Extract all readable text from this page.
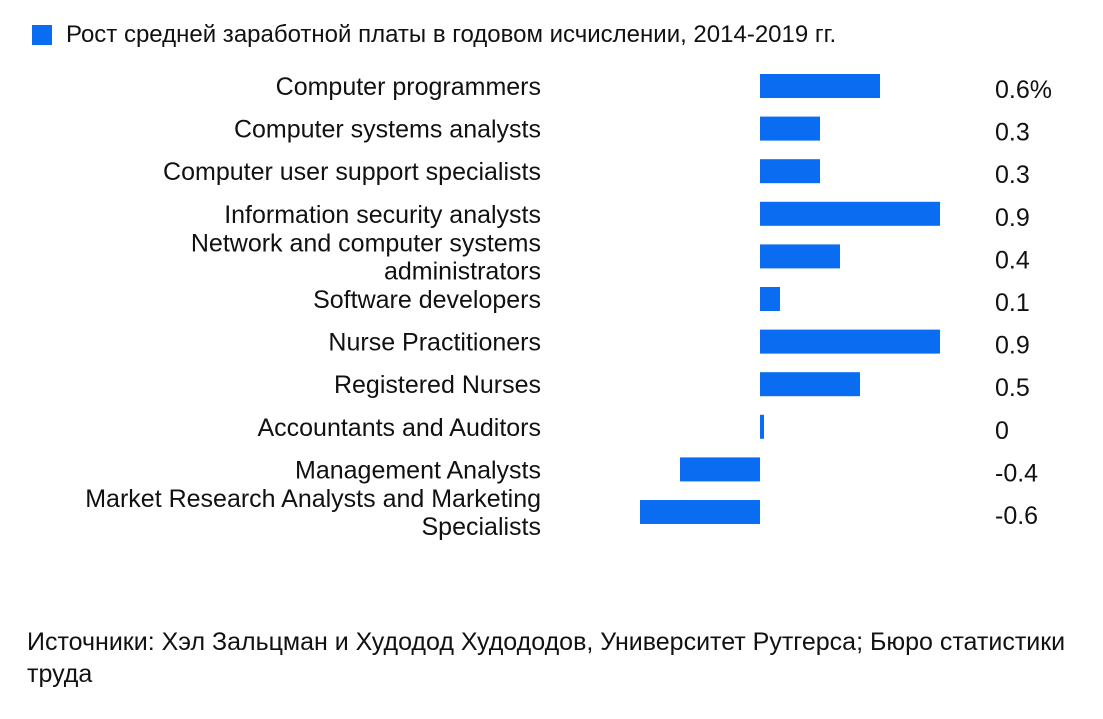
Рост средней заработной платы в годовом исчислении, 2014-2019 гг.
Computer programmers	0.6%
Computer systems analysts	0.3
Computer user support specialists	0.3
Information security analysts	0.9
Network and computer systems administrators	0.4
Software developers	0.1
Nurse Practitioners	0.9
Registered Nurses	0.5
Accountants and Auditors	0
Management Analysts	-0.4
Market Research Analysts and Marketing Specialists	-0.6
Источники: Хэл Зальцман и Худодод Худододов, Университет Рутгерса; Бюро статистики труда
